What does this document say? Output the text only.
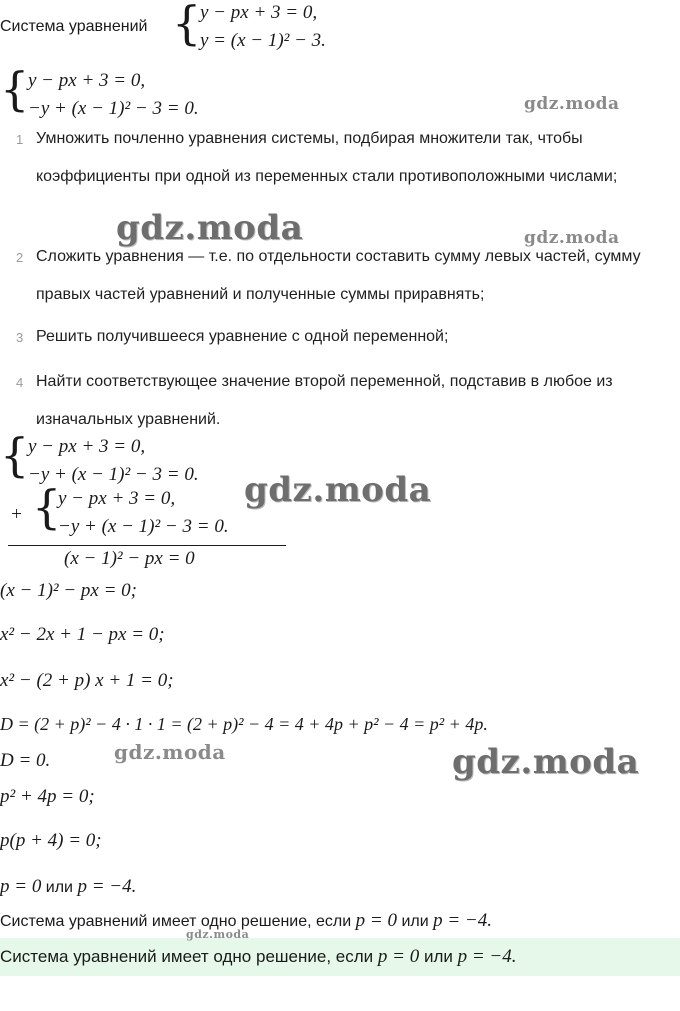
Система уравнений {
y − px + 3 = 0,
y = (x − 1)² − 3.
{
y − px + 3 = 0,
−y + (x − 1)² − 3 = 0.
1 Умножить почленно уравнения системы, подбирая множители так, чтобы коэффициенты при одной из переменных стали противоположными числами;
2 Сложить уравнения — т.е. по отдельности составить сумму левых частей, сумму правых частей уравнений и полученные суммы приравнять;
3 Решить получившееся уравнение с одной переменной;
4 Найти соответствующее значение второй переменной, подставив в любое из изначальных уравнений.
{
y − px + 3 = 0,
−y + (x − 1)² − 3 = 0.
+ {
y − px + 3 = 0,
−y + (x − 1)² − 3 = 0.
(x − 1)² − px = 0
(x − 1)² − px = 0;
x² − 2x + 1 − px = 0;
x² − (2 + p) x + 1 = 0;
D = (2 + p)² − 4 · 1 · 1 = (2 + p)² − 4 = 4 + 4p + p² − 4 = p² + 4p.
D = 0.
p² + 4p = 0;
p(p + 4) = 0;
p = 0 или p = −4.
Система уравнений имеет одно решение, если p = 0 или p = −4.
Система уравнений имеет одно решение, если p = 0 или p = −4.
gdz.moda
gdz.moda	gdz.moda
gdz.moda
gdz.moda	gdz.moda
gdz.moda
